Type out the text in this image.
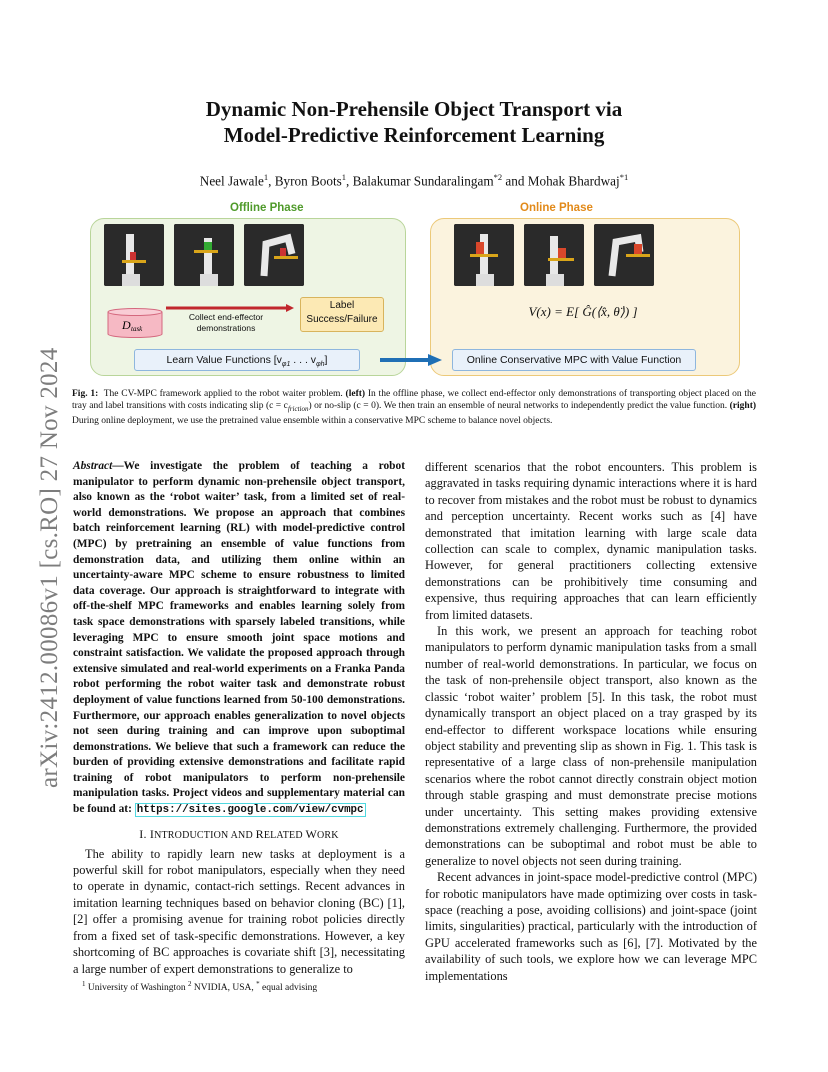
arXiv:2412.00086v1 [cs.RO] 27 Nov 2024
Dynamic Non-Prehensile Object Transport via
Model-Predictive Reinforcement Learning
Neel Jawale$^1$, Byron Boots$^1$, Balakumar Sundaralingam$^{*2}$ and Mohak Bhardwaj$^{*1}$
Offline Phase	Online Phase
D task
Collect end-effector demonstrations
Label Success/Failure
Learn Value Functions [$v_{\varphi 1}$ . . . $v_{\varphi h}$]
V(x) = E[ Ĝ(⟨x̂, θ̈⟩) ]
Online Conservative MPC with Value Function
Fig. 1: The CV-MPC framework applied to the robot waiter problem. (left) In the offline phase, we collect end-effector only demonstrations of transporting object placed on the tray and label transitions with costs indicating slip $(c = c_{friction})$ or no-slip (c = 0). We then train an ensemble of neural networks to independently predict the value function. (right) During online deployment, we use the pretrained value ensemble within a conservative MPC scheme to balance novel objects.
Abstract—We investigate the problem of teaching a robot manipulator to perform dynamic non-prehensile object transport, also known as the ‘robot waiter’ task, from a limited set of real-world demonstrations. We propose an approach that combines batch reinforcement learning (RL) with model-predictive control (MPC) by pretraining an ensemble of value functions from demonstration data, and utilizing them online within an uncertainty-aware MPC scheme to ensure robustness to limited data coverage. Our approach is straightforward to integrate with off-the-shelf MPC frameworks and enables learning solely from task space demonstrations with sparsely labeled transitions, while leveraging MPC to ensure smooth joint space motions and constraint satisfaction. We validate the proposed approach through extensive simulated and real-world experiments on a Franka Panda robot performing the robot waiter task and demonstrate robust deployment of value functions learned from 50-100 demonstrations. Furthermore, our approach enables generalization to novel objects not seen during training and can improve upon suboptimal demonstrations. We believe that such a framework can reduce the burden of providing extensive demonstrations and facilitate rapid training of robot manipulators to perform non-prehensile manipulation tasks. Project videos and supplementary material can be found at: https://sites.google.com/view/cvmpc
I. INTRODUCTION AND RELATED WORK

The ability to rapidly learn new tasks at deployment is a powerful skill for robot manipulators, especially when they need to operate in dynamic, contact-rich settings. Recent advances in imitation learning techniques based on behavior cloning (BC) [1], [2] offer a promising avenue for training robot policies directly from a fixed set of task-specific demonstrations. However, a key shortcoming of BC approaches is covariate shift [3], necessitating a large number of expert demonstrations to generalize to

different scenarios that the robot encounters. This problem is aggravated in tasks requiring dynamic interactions where it is hard to recover from mistakes and the robot must be robust to dynamics and perception uncertainty. Recent works such as [4] have demonstrated that imitation learning with large scale data collection can scale to complex, dynamic manipulation tasks. However, for general practitioners collecting extensive demonstrations can be prohibitively time consuming and expensive, thus requiring approaches that can learn efficiently from limited datasets.

In this work, we present an approach for teaching robot manipulators to perform dynamic manipulation tasks from a small number of real-world demonstrations. In particular, we focus on the task of non-prehensile object transport, also known as the classic ‘robot waiter’ problem [5]. In this task, the robot must dynamically transport an object placed on a tray grasped by its end-effector to different workspace locations while ensuring object stability and preventing slip as shown in Fig. 1. This task is representative of a large class of non-prehensile manipulation scenarios where the robot cannot directly constrain object motion through stable grasping and must demonstrate precise motions under uncertainty. This setting makes providing extensive demonstrations extremely challenging. Furthermore, the provided demonstrations can be suboptimal and robot must be able to generalize to novel objects not seen during training.

Recent advances in joint-space model-predictive control (MPC) for robotic manipulators have made optimizing over costs in task-space (reaching a pose, avoiding collisions) and joint-space (joint limits, singularities) practical, particularly with the introduction of GPU accelerated frameworks such as [6], [7]. Motivated by the availability of such tools, we explore how we can leverage MPC implementations

$^1$ University of Washington $^2$ NVIDIA, USA, * equal advising
